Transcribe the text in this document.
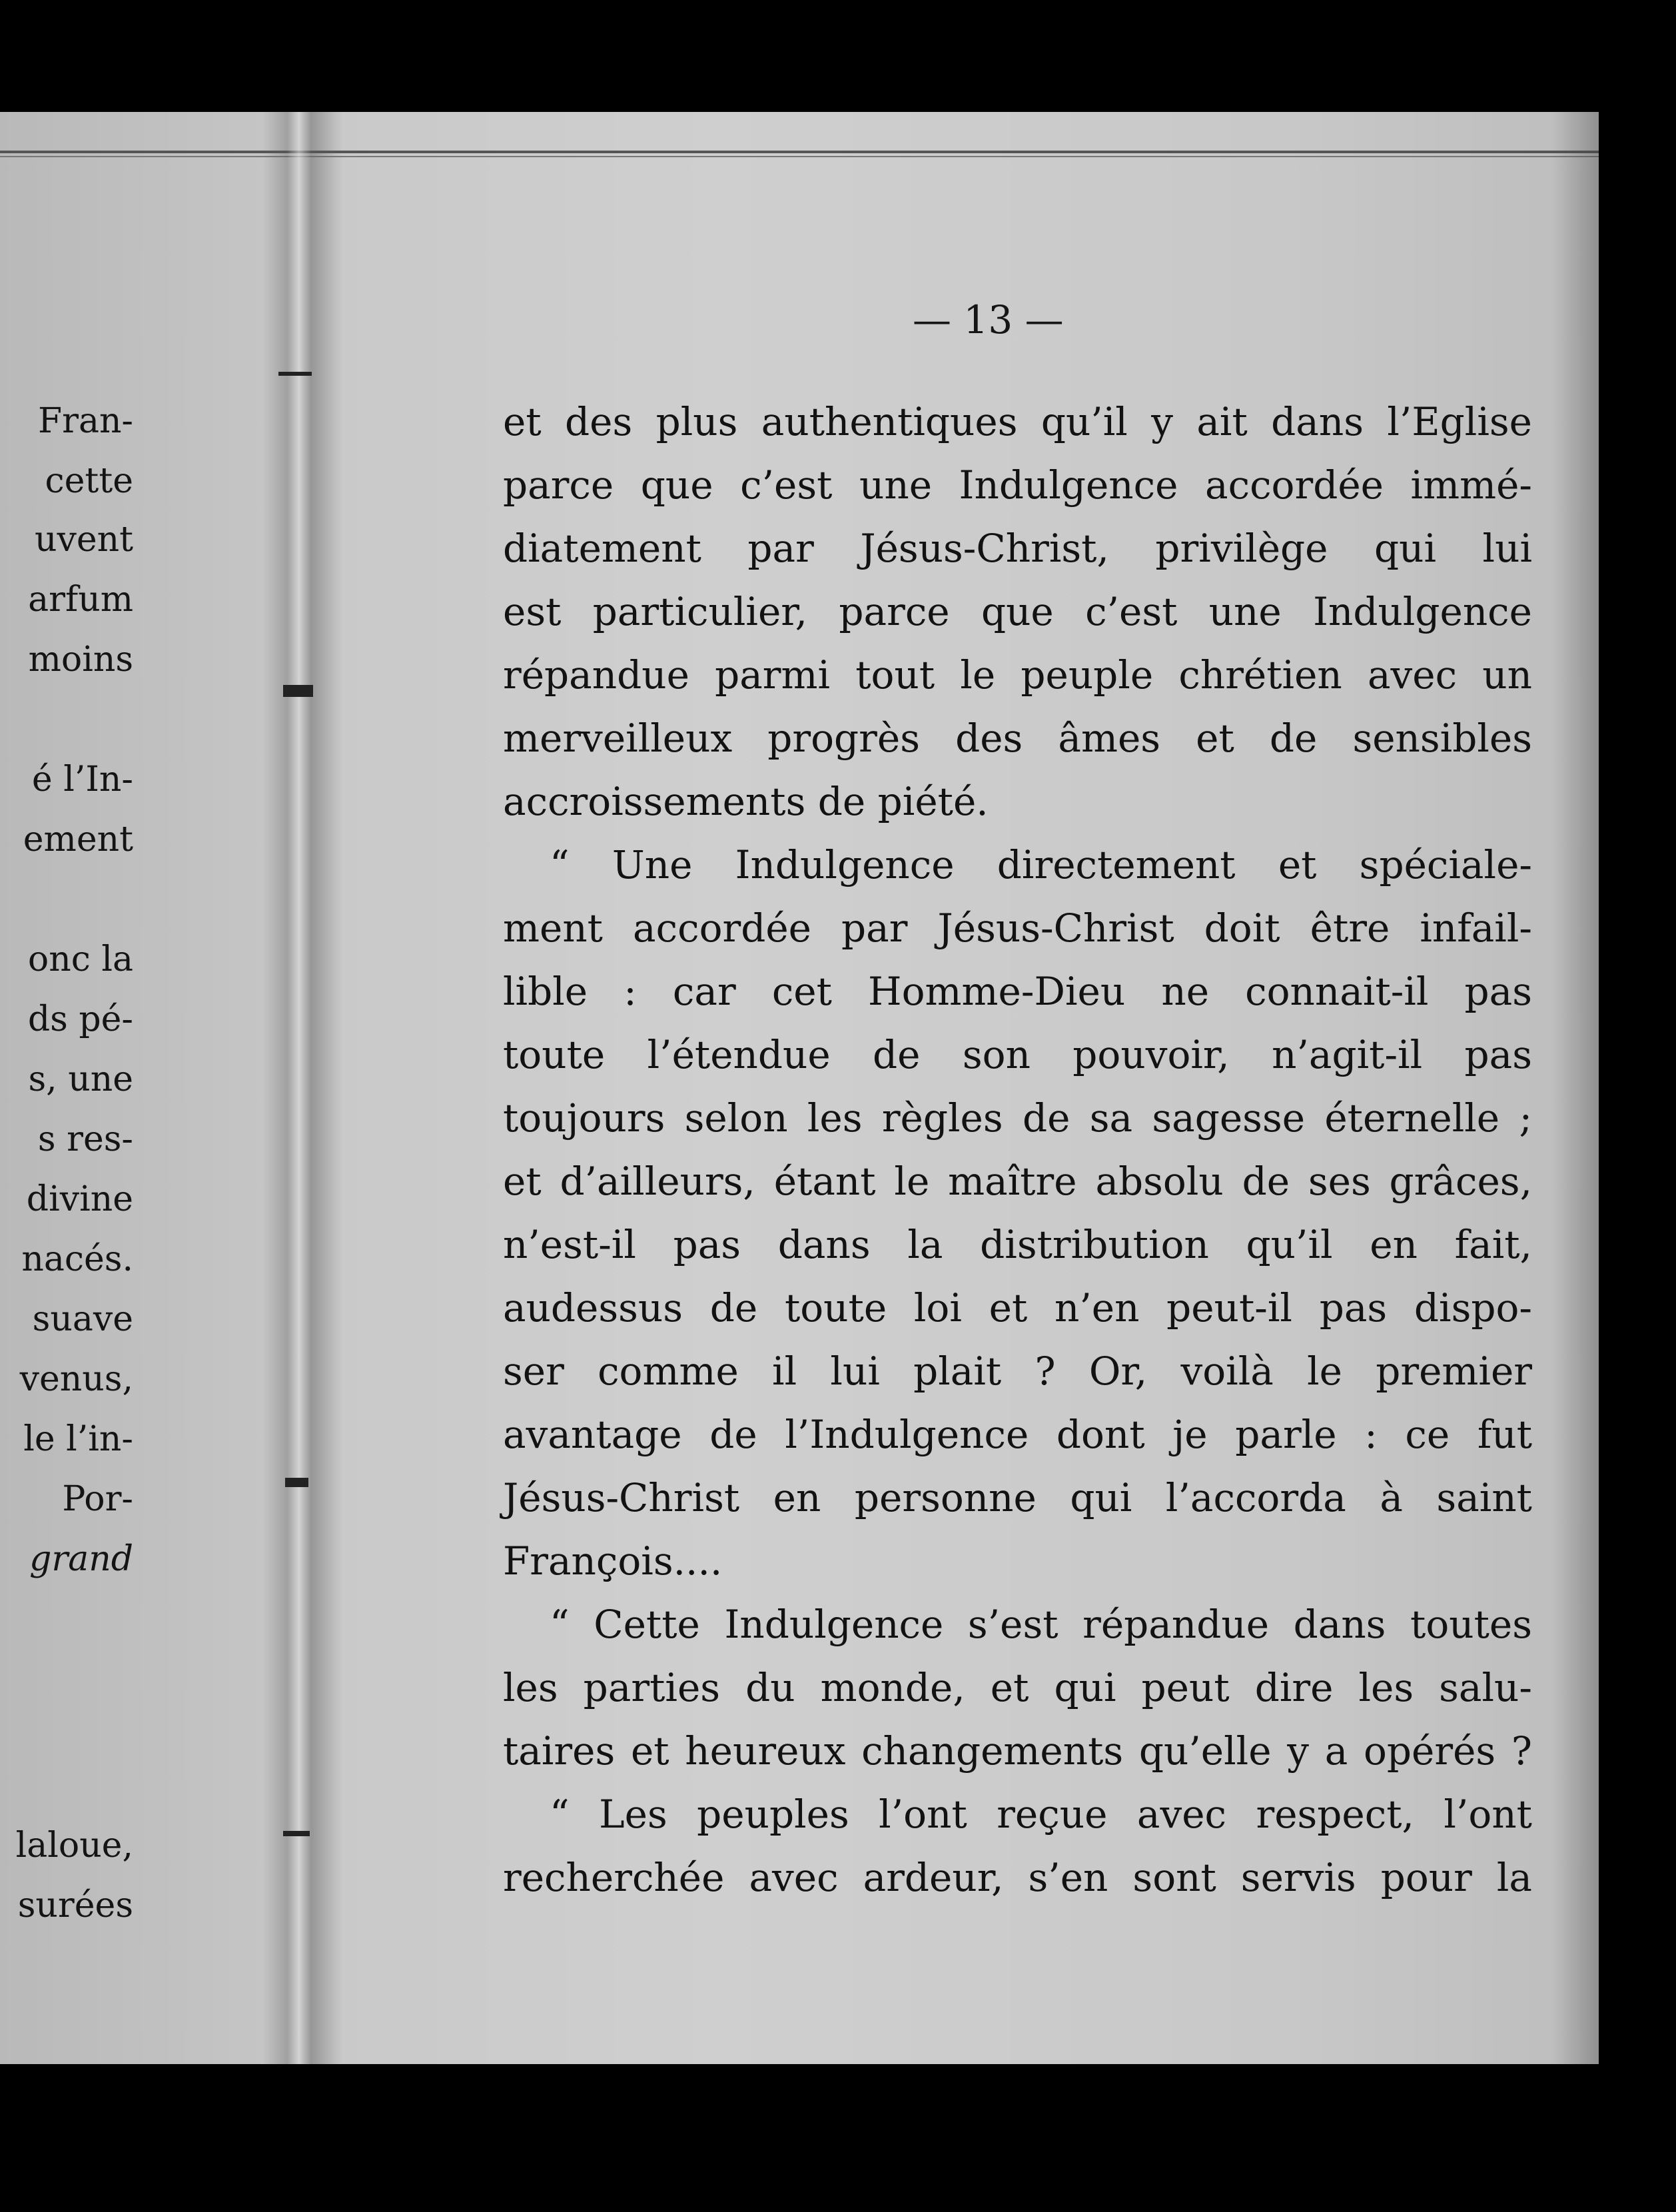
Fran-
cette
uvent
arfum
moins
é l’In-
ement
onc la
ds pé-
s, une
s res-
divine
nacés.
suave
venus,
le l’in-
Por-
grand
laloue,
surées
— 13 —
et des plus authentiques qu’il y ait dans l’Eglise
parce que c’est une Indulgence accordée immé-
diatement par Jésus-Christ, privilège qui lui
est particulier, parce que c’est une Indulgence
répandue parmi tout le peuple chrétien avec un
merveilleux progrès des âmes et de sensibles
accroissements de piété.
“ Une Indulgence directement et spéciale-
ment accordée par Jésus-Christ doit être infail-
lible : car cet Homme-Dieu ne connait-il pas
toute l’étendue de son pouvoir, n’agit-il pas
toujours selon les règles de sa sagesse éternelle ;
et d’ailleurs, étant le maître absolu de ses grâces,
n’est-il pas dans la distribution qu’il en fait,
audessus de toute loi et n’en peut-il pas dispo-
ser comme il lui plait ? Or, voilà le premier
avantage de l’Indulgence dont je parle : ce fut
Jésus-Christ en personne qui l’accorda à saint
François....
“ Cette Indulgence s’est répandue dans toutes
les parties du monde, et qui peut dire les salu-
taires et heureux changements qu’elle y a opérés ?
“ Les peuples l’ont reçue avec respect, l’ont
recherchée avec ardeur, s’en sont servis pour la
